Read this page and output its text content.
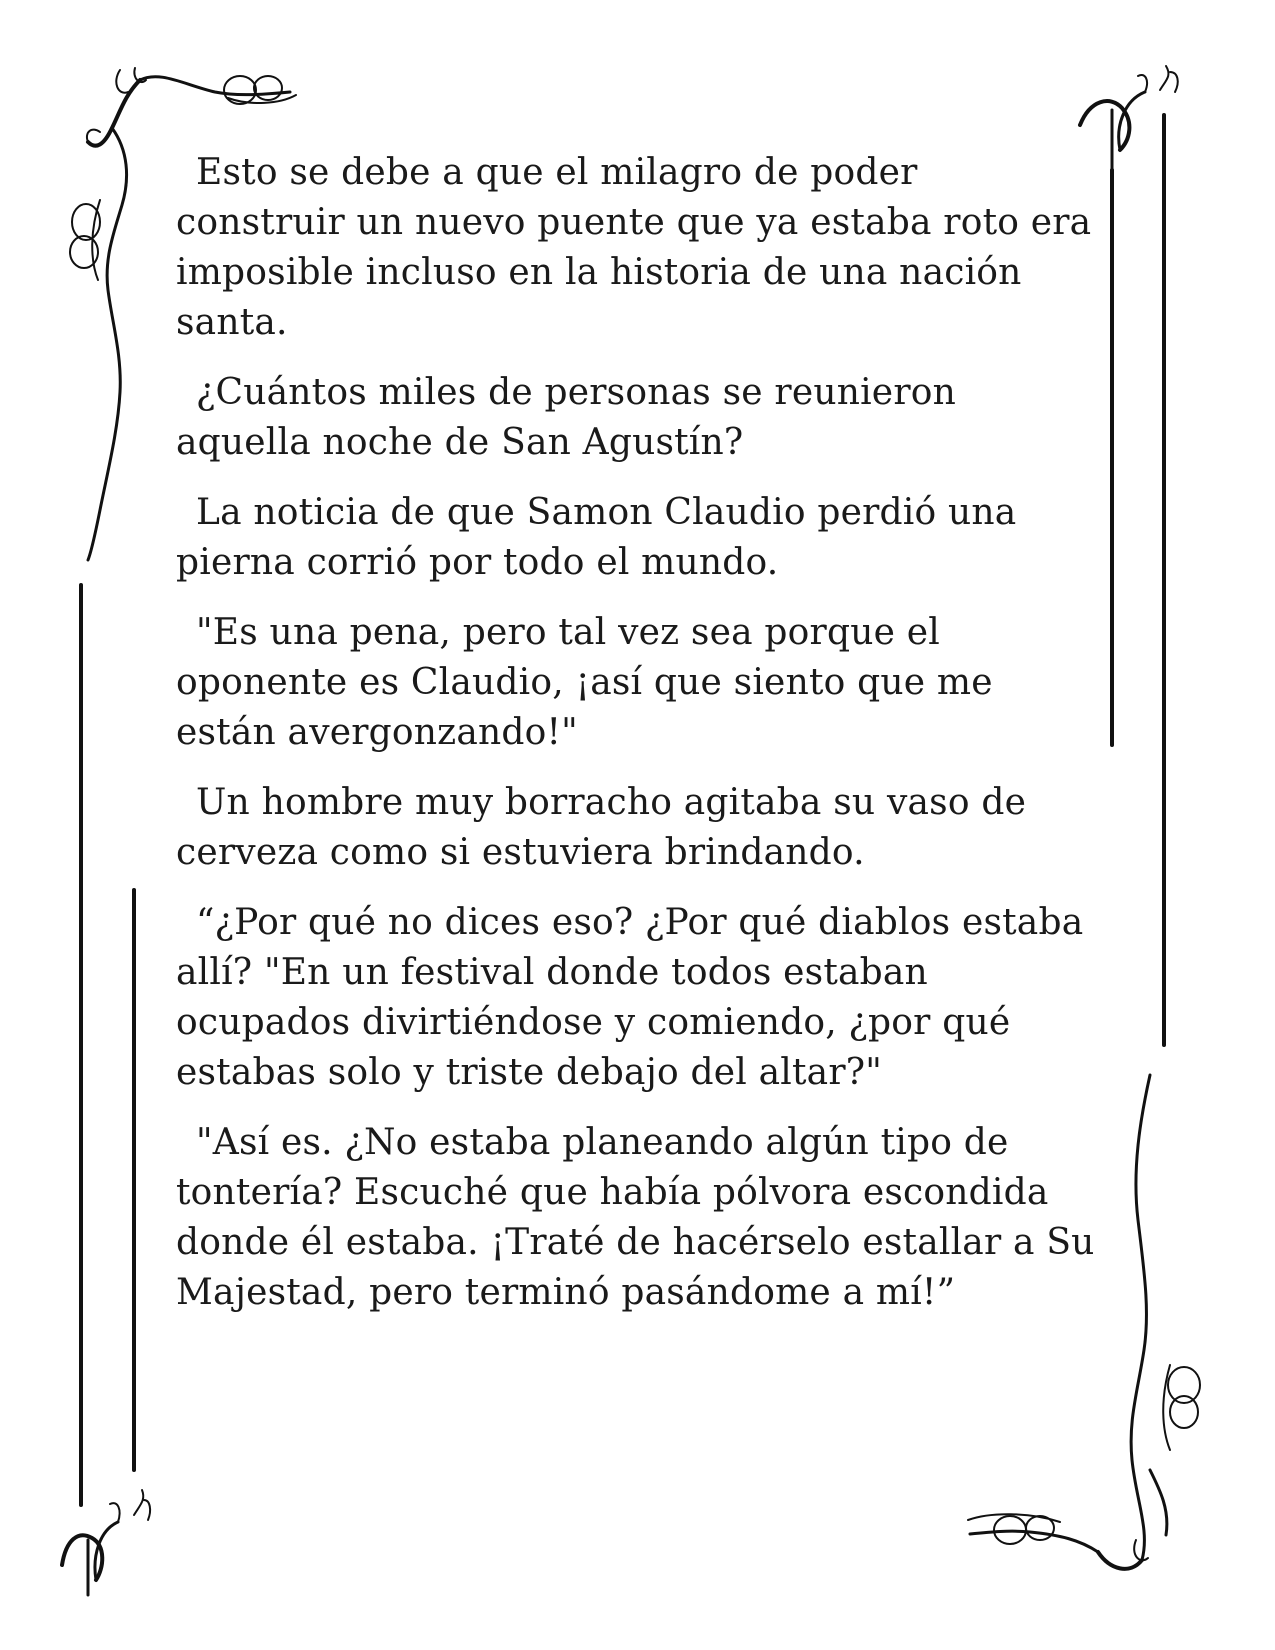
Esto se debe a que el milagro de poder construir un nuevo puente que ya estaba roto era imposible incluso en la historia de una nación santa.

¿Cuántos miles de personas se reunieron aquella noche de San Agustín?

La noticia de que Samon Claudio perdió una pierna corrió por todo el mundo.

"Es una pena, pero tal vez sea porque el oponente es Claudio, ¡así que siento que me están avergonzando!"

Un hombre muy borracho agitaba su vaso de cerveza como si estuviera brindando.

“¿Por qué no dices eso? ¿Por qué diablos estaba allí? "En un festival donde todos estaban ocupados divirtiéndose y comiendo, ¿por qué estabas solo y triste debajo del altar?"

"Así es. ¿No estaba planeando algún tipo de tontería? Escuché que había pólvora escondida donde él estaba. ¡Traté de hacérselo estallar a Su Majestad, pero terminó pasándome a mí!”
